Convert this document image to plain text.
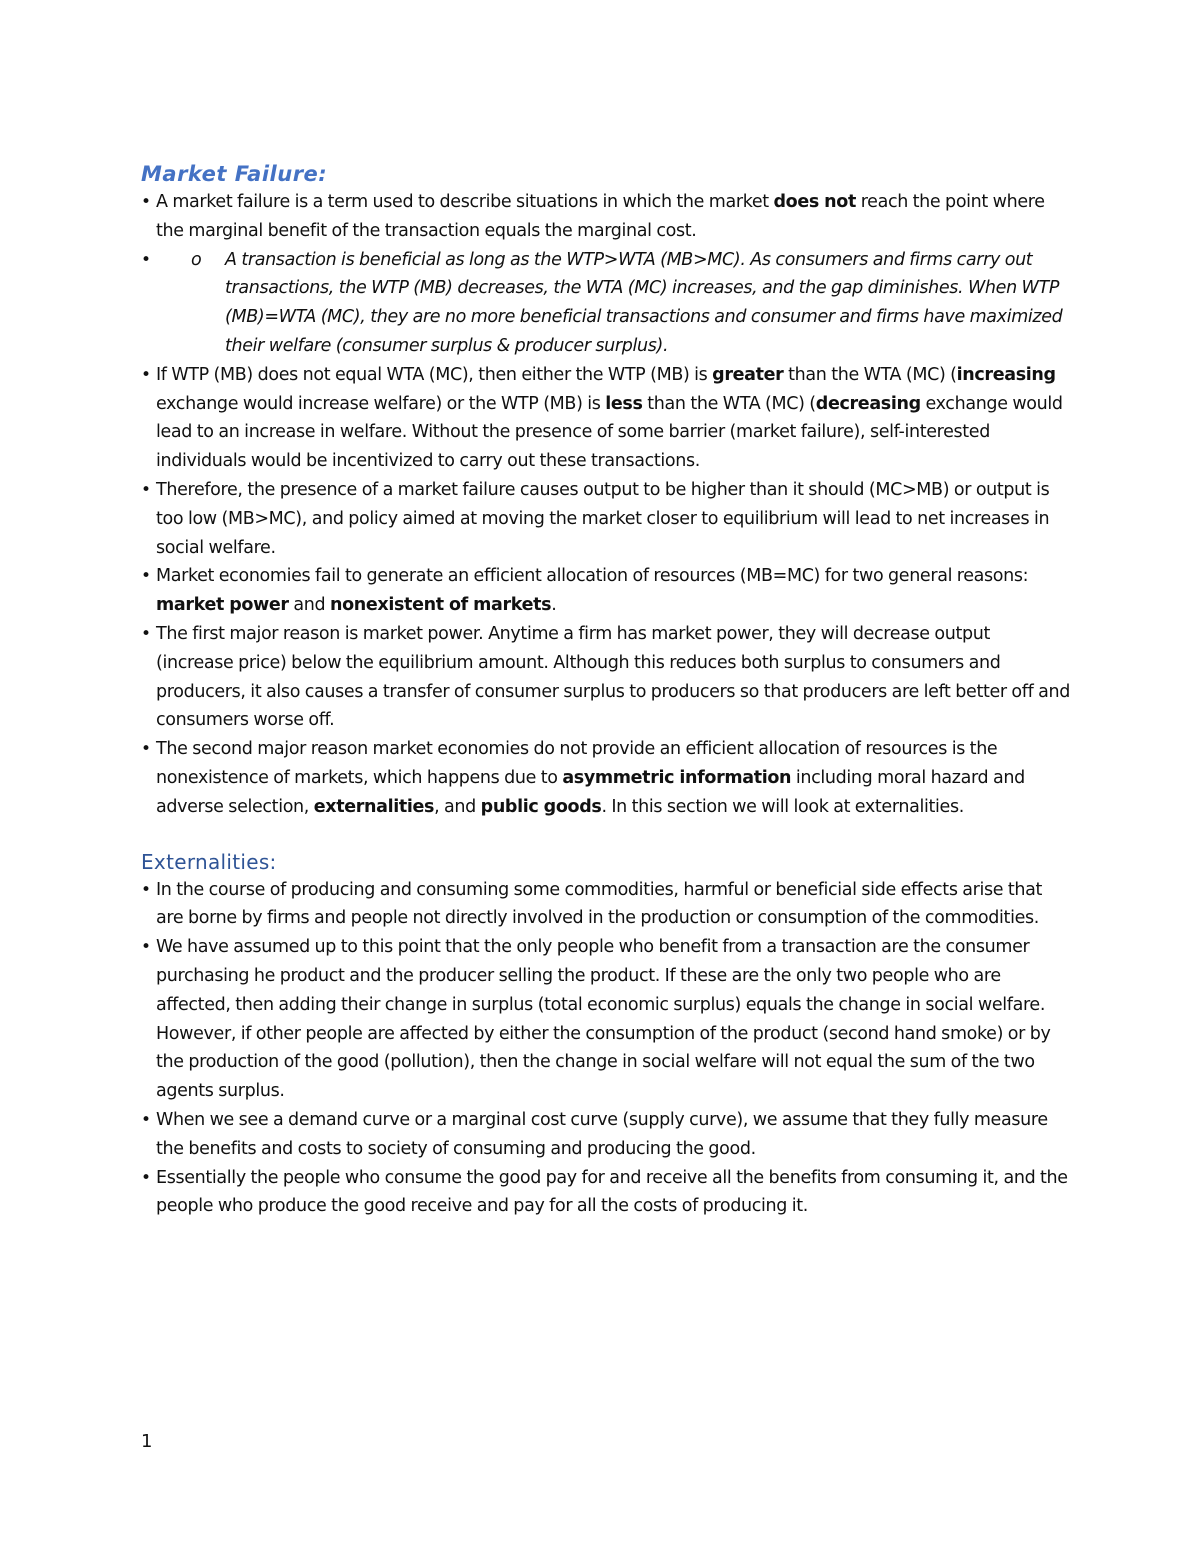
Market Failure:
• A market failure is a term used to describe situations in which the market does not reach the point where the marginal benefit of the transaction equals the marginal cost.
o • A transaction is beneficial as long as the WTP>WTA (MB>MC). As consumers and firms carry out transactions, the WTP (MB) decreases, the WTA (MC) increases, and the gap diminishes. When WTP (MB)=WTA (MC), they are no more beneficial transactions and consumer and firms have maximized their welfare (consumer surplus & producer surplus).
• If WTP (MB) does not equal WTA (MC), then either the WTP (MB) is greater than the WTA (MC) (increasing exchange would increase welfare) or the WTP (MB) is less than the WTA (MC) (decreasing exchange would lead to an increase in welfare. Without the presence of some barrier (market failure), self-interested individuals would be incentivized to carry out these transactions.
• Therefore, the presence of a market failure causes output to be higher than it should (MC>MB) or output is too low (MB>MC), and policy aimed at moving the market closer to equilibrium will lead to net increases in social welfare.
• Market economies fail to generate an efficient allocation of resources (MB=MC) for two general reasons: market power and nonexistent of markets.
• The first major reason is market power. Anytime a firm has market power, they will decrease output (increase price) below the equilibrium amount. Although this reduces both surplus to consumers and producers, it also causes a transfer of consumer surplus to producers so that producers are left better off and consumers worse off.
• The second major reason market economies do not provide an efficient allocation of resources is the nonexistence of markets, which happens due to asymmetric information including moral hazard and adverse selection, externalities, and public goods. In this section we will look at externalities.
Externalities:
• In the course of producing and consuming some commodities, harmful or beneficial side effects arise that are borne by firms and people not directly involved in the production or consumption of the commodities.
• We have assumed up to this point that the only people who benefit from a transaction are the consumer purchasing he product and the producer selling the product. If these are the only two people who are affected, then adding their change in surplus (total economic surplus) equals the change in social welfare. However, if other people are affected by either the consumption of the product (second hand smoke) or by the production of the good (pollution), then the change in social welfare will not equal the sum of the two agents surplus.
• When we see a demand curve or a marginal cost curve (supply curve), we assume that they fully measure the benefits and costs to society of consuming and producing the good.
• Essentially the people who consume the good pay for and receive all the benefits from consuming it, and the people who produce the good receive and pay for all the costs of producing it.
1
